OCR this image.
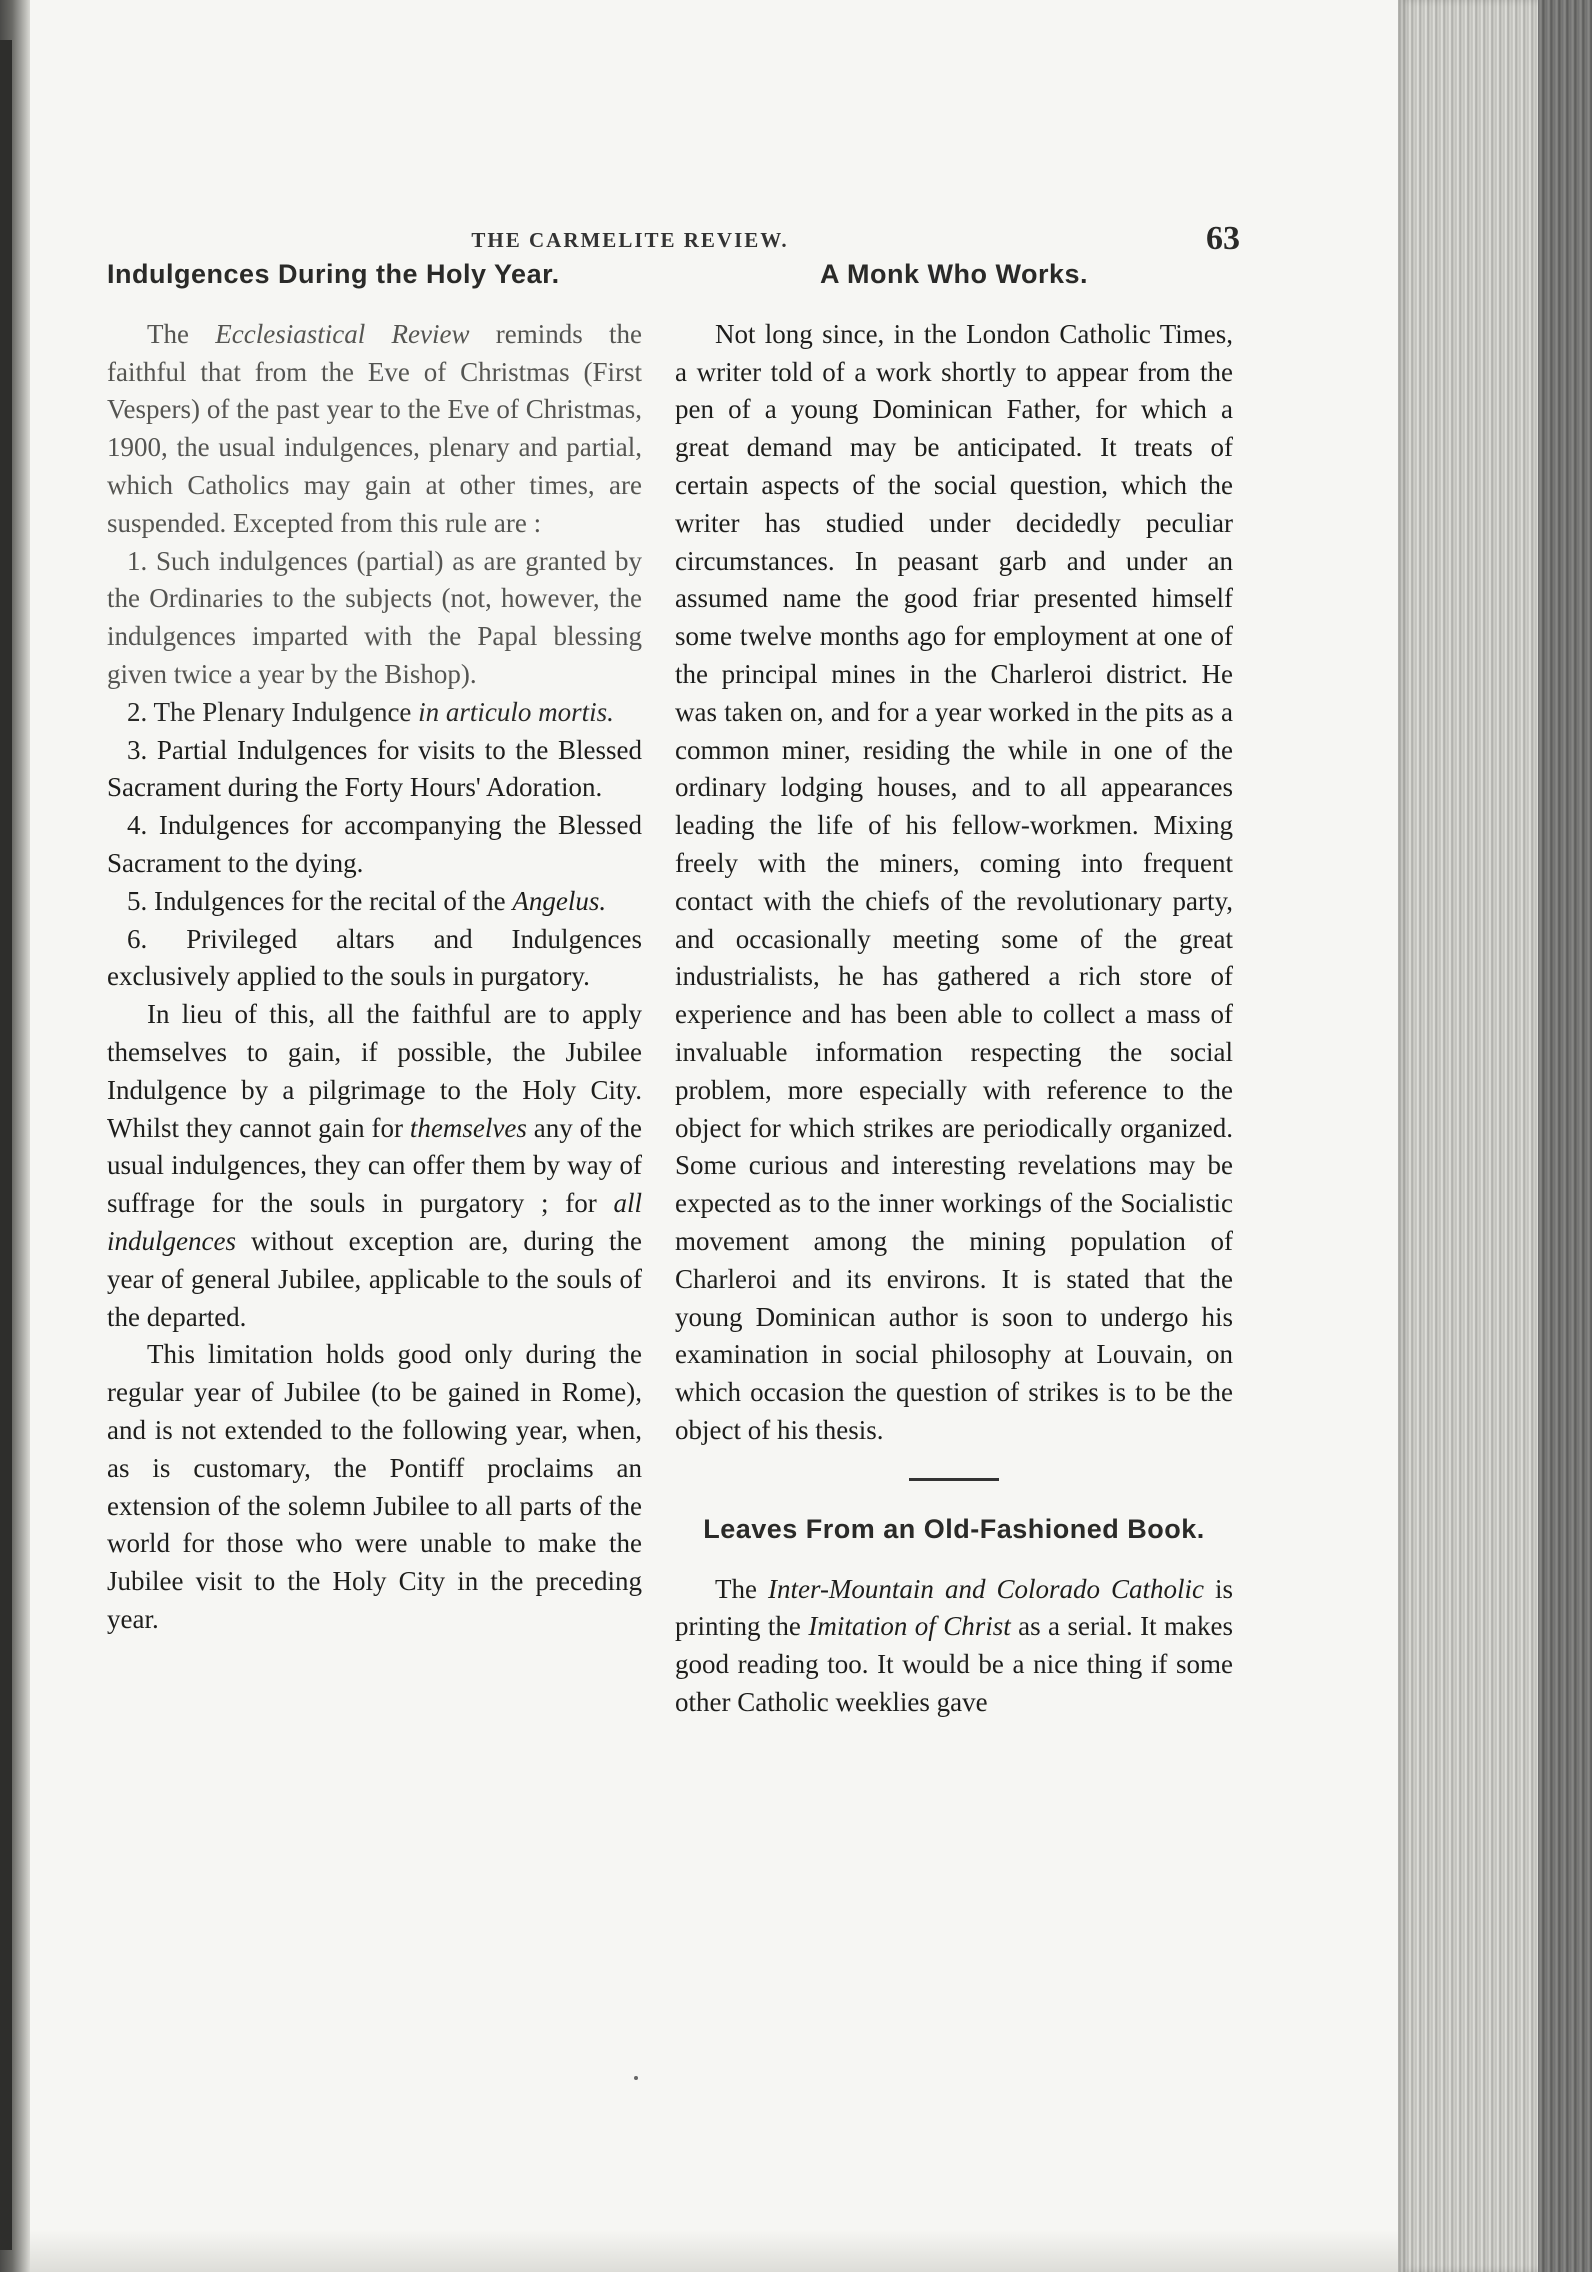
THE CARMELITE REVIEW.	63
Indulgences During the Holy Year.

The Ecclesiastical Review reminds the faithful that from the Eve of Christmas (First Vespers) of the past year to the Eve of Christmas, 1900, the usual indulgences, plenary and partial, which Catholics may gain at other times, are suspended. Excepted from this rule are :

1. Such indulgences (partial) as are granted by the Ordinaries to the subjects (not, however, the indulgences imparted with the Papal blessing given twice a year by the Bishop).

2. The Plenary Indulgence in articulo mortis.

3. Partial Indulgences for visits to the Blessed Sacrament during the Forty Hours' Adoration.

4. Indulgences for accompanying the Blessed Sacrament to the dying.

5. Indulgences for the recital of the Angelus.

6. Privileged altars and Indulgences exclusively applied to the souls in purgatory.

In lieu of this, all the faithful are to apply themselves to gain, if possible, the Jubilee Indulgence by a pilgrimage to the Holy City. Whilst they cannot gain for themselves any of the usual indulgences, they can offer them by way of suffrage for the souls in purgatory ; for all indulgences without exception are, during the year of general Jubilee, applicable to the souls of the departed.

This limitation holds good only during the regular year of Jubilee (to be gained in Rome), and is not extended to the following year, when, as is customary, the Pontiff proclaims an extension of the solemn Jubilee to all parts of the world for those who were unable to make the Jubilee visit to the Holy City in the preceding year.

A Monk Who Works.

Not long since, in the London Catholic Times, a writer told of a work shortly to appear from the pen of a young Dominican Father, for which a great demand may be anticipated. It treats of certain aspects of the social question, which the writer has studied under decidedly peculiar circumstances. In peasant garb and under an assumed name the good friar presented himself some twelve months ago for employment at one of the principal mines in the Charleroi district. He was taken on, and for a year worked in the pits as a common miner, residing the while in one of the ordinary lodging houses, and to all appearances leading the life of his fellow-workmen. Mixing freely with the miners, coming into frequent contact with the chiefs of the revolutionary party, and occasionally meeting some of the great industrialists, he has gathered a rich store of experience and has been able to collect a mass of invaluable information respecting the social problem, more especially with reference to the object for which strikes are periodically organized. Some curious and interesting revelations may be expected as to the inner workings of the Socialistic movement among the mining population of Charleroi and its environs. It is stated that the young Dominican author is soon to undergo his examination in social philosophy at Louvain, on which occasion the question of strikes is to be the object of his thesis.

Leaves From an Old-Fashioned Book.

The Inter-Mountain and Colorado Catholic is printing the Imitation of Christ as a serial. It makes good reading too. It would be a nice thing if some other Catholic weeklies gave
